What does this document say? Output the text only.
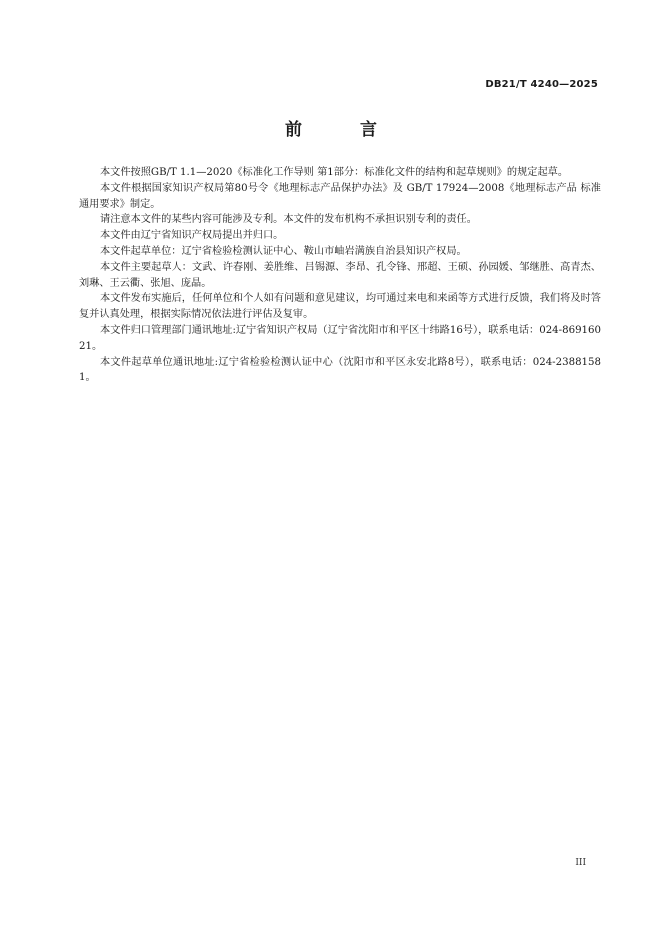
DB21/T 4240—2025
前 言

本文件按照GB/T 1.1—2020《标准化工作导则 第1部分：标准化文件的结构和起草规则》的规定起草。

本文件根据国家知识产权局第80号令《地理标志产品保护办法》及 GB/T 17924—2008《地理标志产品 标准通用要求》制定。

请注意本文件的某些内容可能涉及专利。本文件的发布机构不承担识别专利的责任。

本文件由辽宁省知识产权局提出并归口。

本文件起草单位：辽宁省检验检测认证中心、鞍山市岫岩满族自治县知识产权局。

本文件主要起草人：文武、许春刚、姜胜维、吕锡源、李昂、孔令锋、邢超、王硕、孙园媛、邹继胜、高青杰、刘琳、王云衢、张旭、庞晶。

本文件发布实施后，任何单位和个人如有问题和意见建议，均可通过来电和来函等方式进行反馈，我们将及时答复并认真处理，根据实际情况依法进行评估及复审。

本文件归口管理部门通讯地址:辽宁省知识产权局（辽宁省沈阳市和平区十纬路16号），联系电话：024-86916021。

本文件起草单位通讯地址:辽宁省检验检测认证中心（沈阳市和平区永安北路8号），联系电话：024-23881581。

III
